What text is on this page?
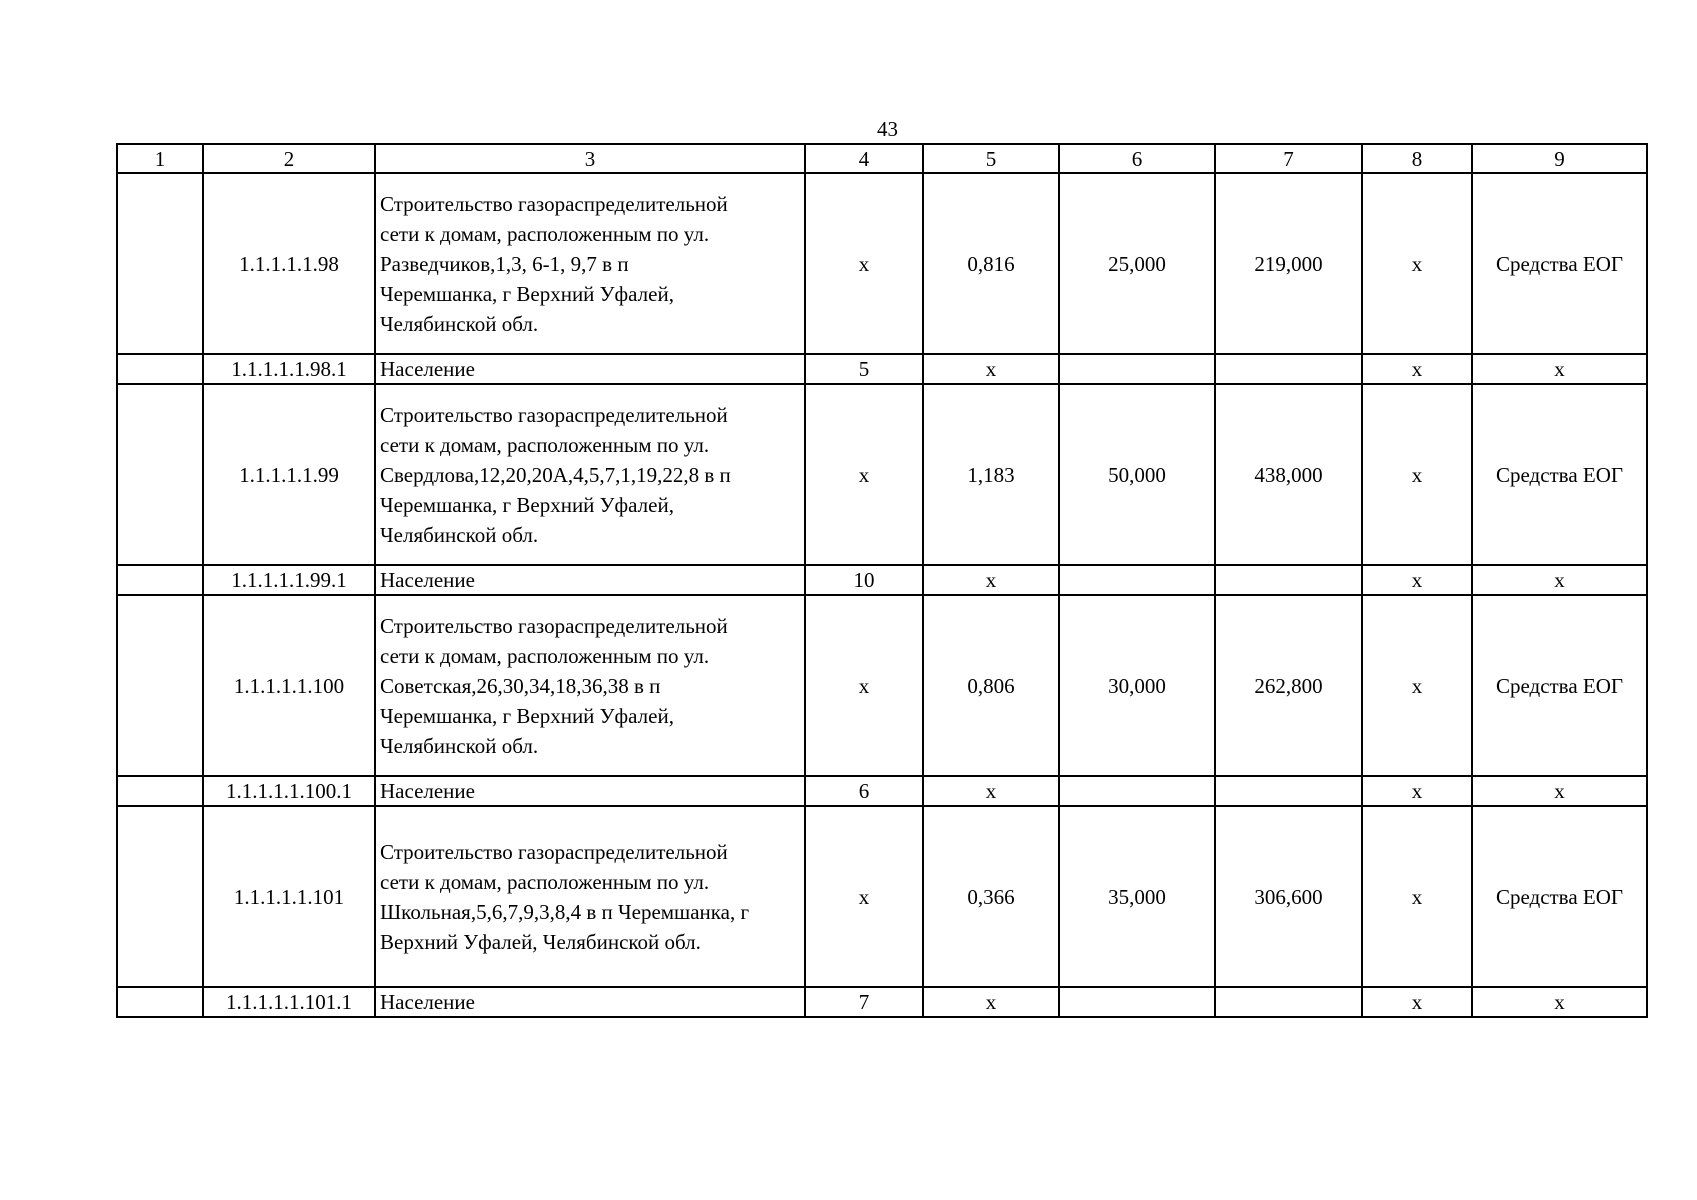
43
1	2	3	4	5	6	7	8	9
	1.1.1.1.1.98	Строительство газораспределительной
сети к домам, расположенным по ул.
Разведчиков,1,3, 6-1, 9,7 в п
Черемшанка, г Верхний Уфалей,
Челябинской обл.	x	0,816	25,000	219,000	x	Средства ЕОГ
	1.1.1.1.1.98.1	Население	5	x			x	x
	1.1.1.1.1.99	Строительство газораспределительной
сети к домам, расположенным по ул.
Свердлова,12,20,20А,4,5,7,1,19,22,8 в п
Черемшанка, г Верхний Уфалей,
Челябинской обл.	x	1,183	50,000	438,000	x	Средства ЕОГ
	1.1.1.1.1.99.1	Население	10	x			x	x
	1.1.1.1.1.100	Строительство газораспределительной
сети к домам, расположенным по ул.
Советская,26,30,34,18,36,38 в п
Черемшанка, г Верхний Уфалей,
Челябинской обл.	x	0,806	30,000	262,800	x	Средства ЕОГ
	1.1.1.1.1.100.1	Население	6	x			x	x
	1.1.1.1.1.101	Строительство газораспределительной
сети к домам, расположенным по ул.
Школьная,5,6,7,9,3,8,4 в п Черемшанка, г
Верхний Уфалей, Челябинской обл.	x	0,366	35,000	306,600	x	Средства ЕОГ
	1.1.1.1.1.101.1	Население	7	x			x	x
